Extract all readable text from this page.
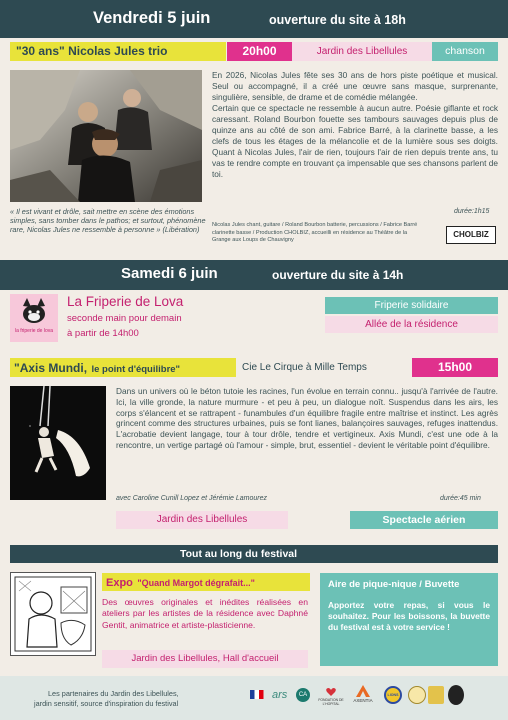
Vendredi 5 juin	ouverture du site à 18h
"30 ans" Nicolas Jules trio	20h00	Jardin des Libellules	chanson

En 2026, Nicolas Jules fête ses 30 ans de hors piste poétique et musical. Seul ou accompagné, il a créé une œuvre sans masque, surprenante, singulière, sensible, de drame et de comédie mélangée.

Certain que ce spectacle ne ressemble à aucun autre. Poésie giflante et rock caressant. Roland Bourbon fouette ses tambours sauvages depuis plus de quinze ans au côté de son ami. Fabrice Barré, à la clarinette basse, a les clefs de tous les étages de la mélancolie et de la lumière sous ses doigts. Quant à Nicolas Jules, l'air de rien, toujours l'air de rien depuis trente ans, tu vas te rendre compte en trouvant ça impensable que ses chansons parlent de toi.

« Il est vivant et drôle, sait mettre en scène des émotions simples, sans tomber dans le pathos; et surtout, phénomène rare, Nicolas Jules ne ressemble à personne » (Libération)
durée:1h15
Nicolas Jules chant, guitare / Roland Bourbon batterie, percussions / Fabrice Barré clarinette basse / Production CHOLBIZ, accueilli en résidence au Théâtre de la Grange aux Loups de Chauvigny
CHOLBIZ
Samedi 6 juin	ouverture du site à 14h
la friperie de lova
La Friperie de Lova
seconde main pour demain
à partir de 14h00
Friperie solidaire
Allée de la résidence
"Axis Mundi, le point d'équilibre"	Cie Le Cirque à Mille Temps	15h00
Dans un univers où le béton tutoie les racines, l'un évolue en terrain connu.. jusqu'à l'arrivée de l'autre. Ici, la ville gronde, la nature murmure - et peu à peu, un dialogue noît. Suspendus dans les airs, les corps s'élancent et se rattrapent - funambules d'un équilibre fragile entre maîtrise et instinct. Les agrès grincent comme des structures urbaines, puis se font lianes, balançoires sauvages, refuges inattendus. L'acrobatie devient langage, tour à tour drôle, tendre et vertigineux. Axis Mundi, c'est une ode à la rencontre, un vertige partagé où l'amour - simple, brut, essentiel - devient le véritable point d'équilibre.
avec Caroline Cunill Lopez et Jérémie Lamourez	durée:45 min
Jardin des Libellules	Spectacle aérien
Tout au long du festival
Expo "Quand Margot dégrafait..."
Des œuvres originales et inédites réalisées en ateliers par les artistes de la résidence avec Daphné Gentit, animatrice et artiste-plasticienne.
Jardin des Libellules, Hall d'accueil
Aire de pique-nique / Buvette
Apportez votre repas, si vous le souhaitez. Pour les boissons, la buvette du festival est à votre service !
Les partenaires du Jardin des Libellules,
jardin sensitif, source d'inspiration du festival
ars	CA
FONDATION DE L'HOPITAL
AXENTIA
LIONS
